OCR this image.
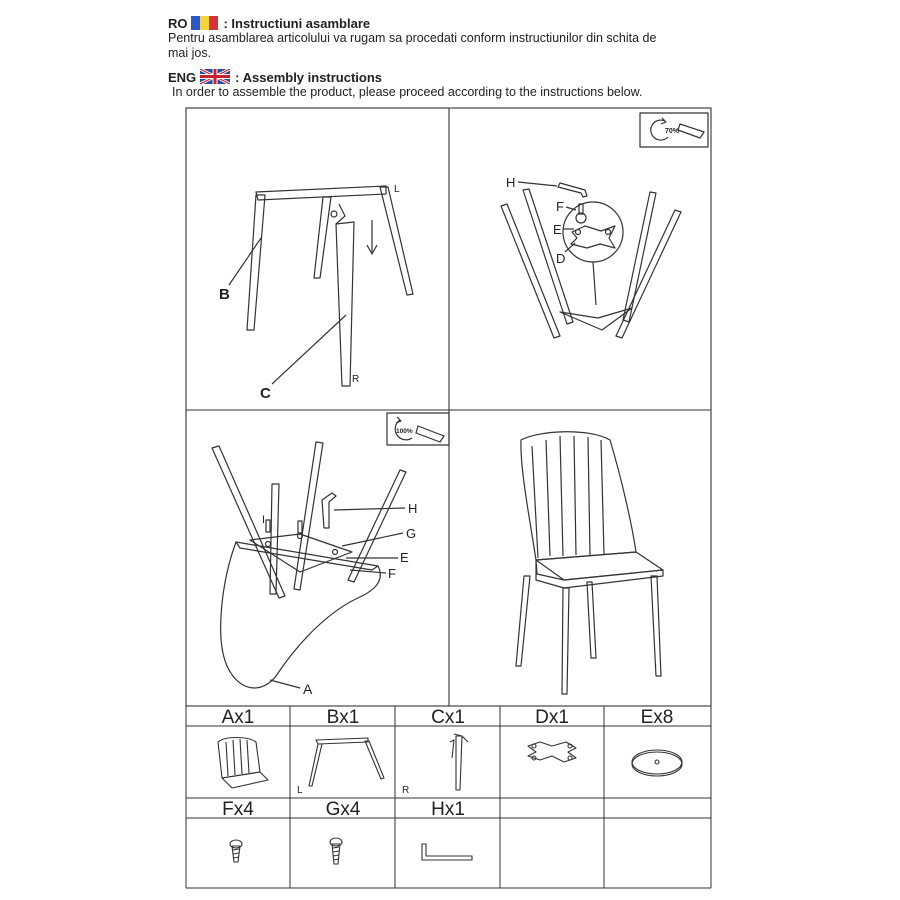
RO	: Instructiuni asamblare
Pentru asamblarea articolului va rugam sa procedati conform instructiunilor din schita de
mai jos.
ENG	: Assembly instructions
In order to assemble the product, please proceed according to the instructions below.
B
C
L
R
70%
H
F
E
D
100%
H
G
E
F
I
A
Ax1	Bx1	Cx1	Dx1	Ex8
Fx4	Gx4	Hx1
L	R
